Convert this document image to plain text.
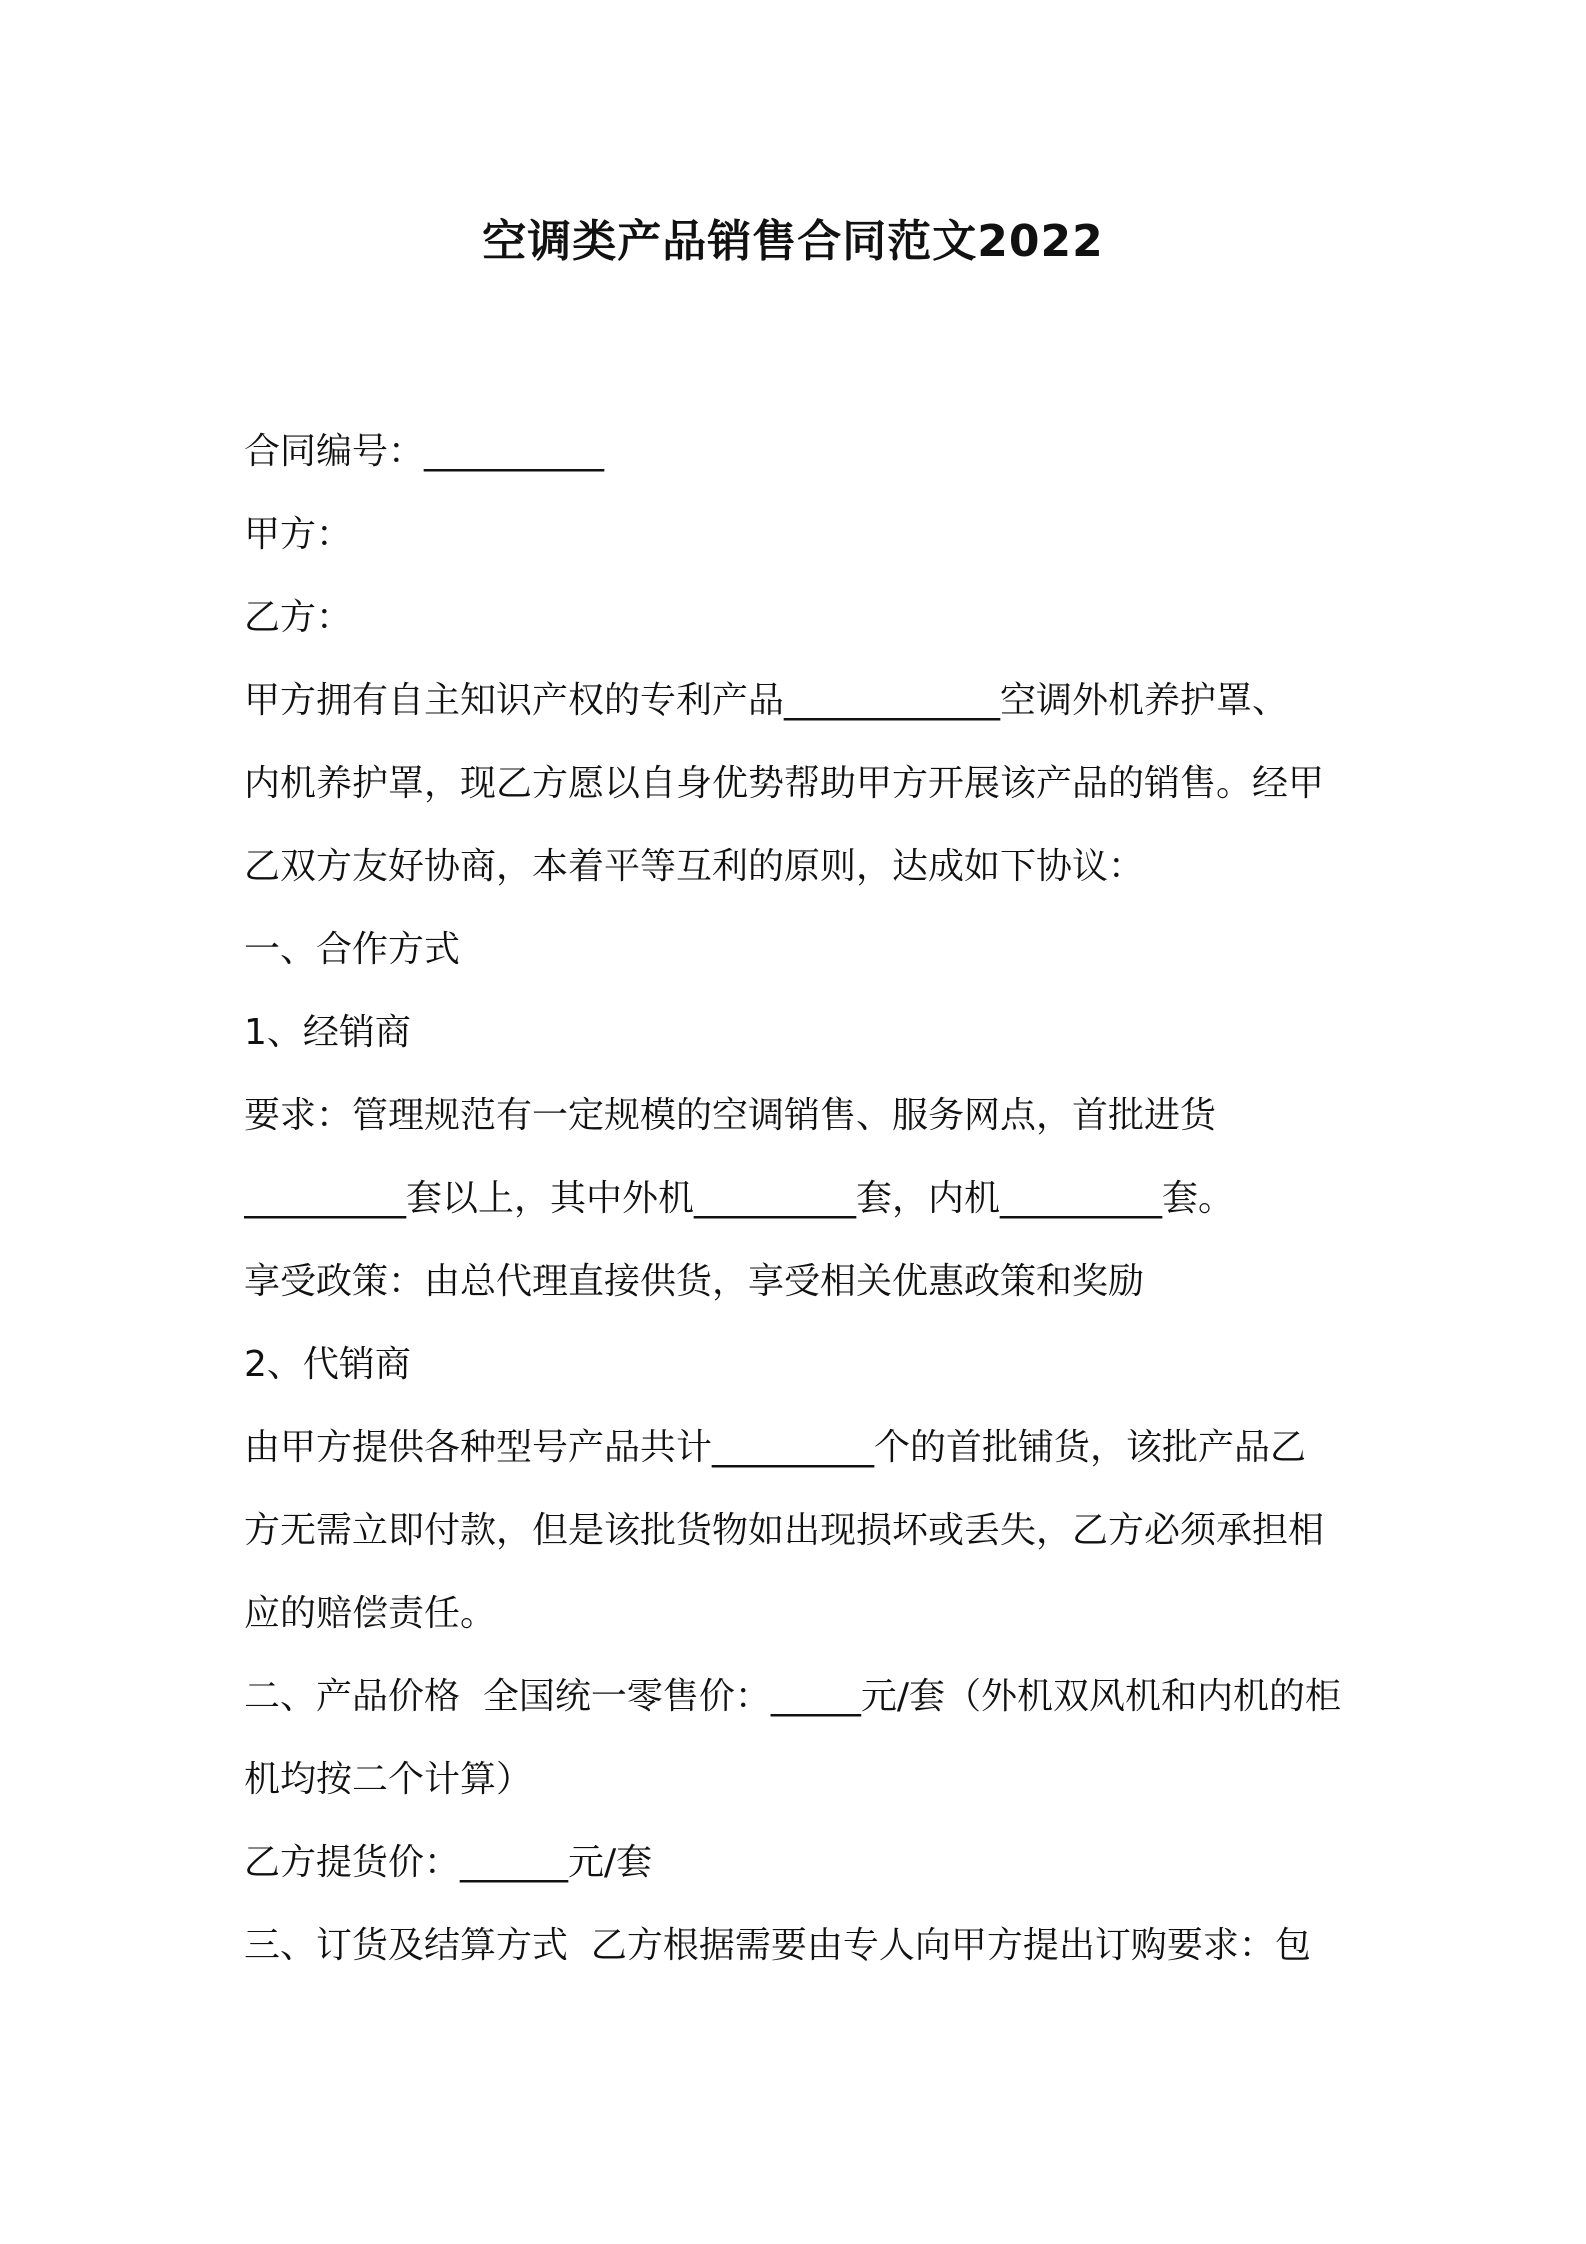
空调类产品销售合同范文2022
合同编号：__________
甲方：
乙方：
甲方拥有自主知识产权的专利产品____________空调外机养护罩、
内机养护罩，现乙方愿以自身优势帮助甲方开展该产品的销售。经甲
乙双方友好协商，本着平等互利的原则，达成如下协议：
一、合作方式
1、经销商
要求：管理规范有一定规模的空调销售、服务网点，首批进货
_________套以上，其中外机_________套，内机_________套。
享受政策：由总代理直接供货，享受相关优惠政策和奖励
2、代销商
由甲方提供各种型号产品共计_________个的首批铺货，该批产品乙
方无需立即付款，但是该批货物如出现损坏或丢失，乙方必须承担相
应的赔偿责任。
二、产品价格  全国统一零售价：_____元/套（外机双风机和内机的柜
机均按二个计算）
乙方提货价：______元/套
三、订货及结算方式  乙方根据需要由专人向甲方提出订购要求：包
